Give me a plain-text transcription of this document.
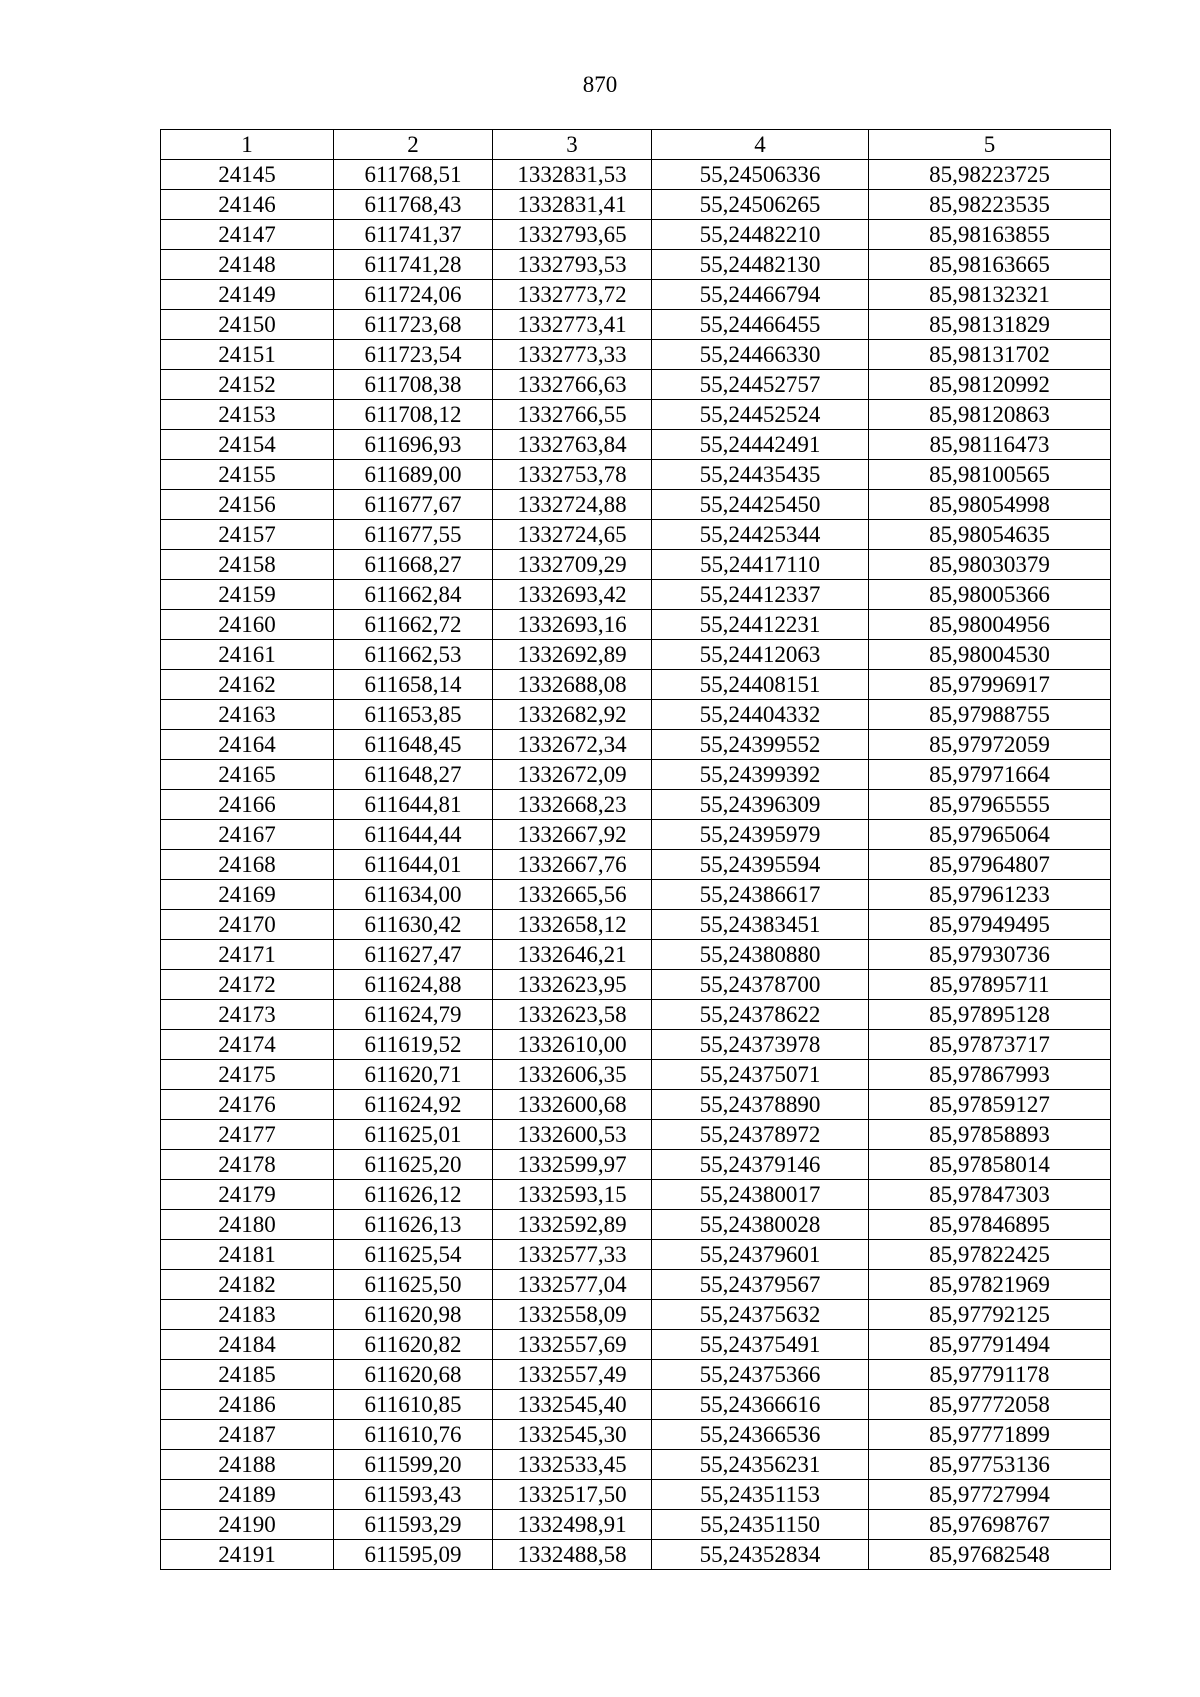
870
1	2	3	4	5
24145	611768,51	1332831,53	55,24506336	85,98223725
24146	611768,43	1332831,41	55,24506265	85,98223535
24147	611741,37	1332793,65	55,24482210	85,98163855
24148	611741,28	1332793,53	55,24482130	85,98163665
24149	611724,06	1332773,72	55,24466794	85,98132321
24150	611723,68	1332773,41	55,24466455	85,98131829
24151	611723,54	1332773,33	55,24466330	85,98131702
24152	611708,38	1332766,63	55,24452757	85,98120992
24153	611708,12	1332766,55	55,24452524	85,98120863
24154	611696,93	1332763,84	55,24442491	85,98116473
24155	611689,00	1332753,78	55,24435435	85,98100565
24156	611677,67	1332724,88	55,24425450	85,98054998
24157	611677,55	1332724,65	55,24425344	85,98054635
24158	611668,27	1332709,29	55,24417110	85,98030379
24159	611662,84	1332693,42	55,24412337	85,98005366
24160	611662,72	1332693,16	55,24412231	85,98004956
24161	611662,53	1332692,89	55,24412063	85,98004530
24162	611658,14	1332688,08	55,24408151	85,97996917
24163	611653,85	1332682,92	55,24404332	85,97988755
24164	611648,45	1332672,34	55,24399552	85,97972059
24165	611648,27	1332672,09	55,24399392	85,97971664
24166	611644,81	1332668,23	55,24396309	85,97965555
24167	611644,44	1332667,92	55,24395979	85,97965064
24168	611644,01	1332667,76	55,24395594	85,97964807
24169	611634,00	1332665,56	55,24386617	85,97961233
24170	611630,42	1332658,12	55,24383451	85,97949495
24171	611627,47	1332646,21	55,24380880	85,97930736
24172	611624,88	1332623,95	55,24378700	85,97895711
24173	611624,79	1332623,58	55,24378622	85,97895128
24174	611619,52	1332610,00	55,24373978	85,97873717
24175	611620,71	1332606,35	55,24375071	85,97867993
24176	611624,92	1332600,68	55,24378890	85,97859127
24177	611625,01	1332600,53	55,24378972	85,97858893
24178	611625,20	1332599,97	55,24379146	85,97858014
24179	611626,12	1332593,15	55,24380017	85,97847303
24180	611626,13	1332592,89	55,24380028	85,97846895
24181	611625,54	1332577,33	55,24379601	85,97822425
24182	611625,50	1332577,04	55,24379567	85,97821969
24183	611620,98	1332558,09	55,24375632	85,97792125
24184	611620,82	1332557,69	55,24375491	85,97791494
24185	611620,68	1332557,49	55,24375366	85,97791178
24186	611610,85	1332545,40	55,24366616	85,97772058
24187	611610,76	1332545,30	55,24366536	85,97771899
24188	611599,20	1332533,45	55,24356231	85,97753136
24189	611593,43	1332517,50	55,24351153	85,97727994
24190	611593,29	1332498,91	55,24351150	85,97698767
24191	611595,09	1332488,58	55,24352834	85,97682548
